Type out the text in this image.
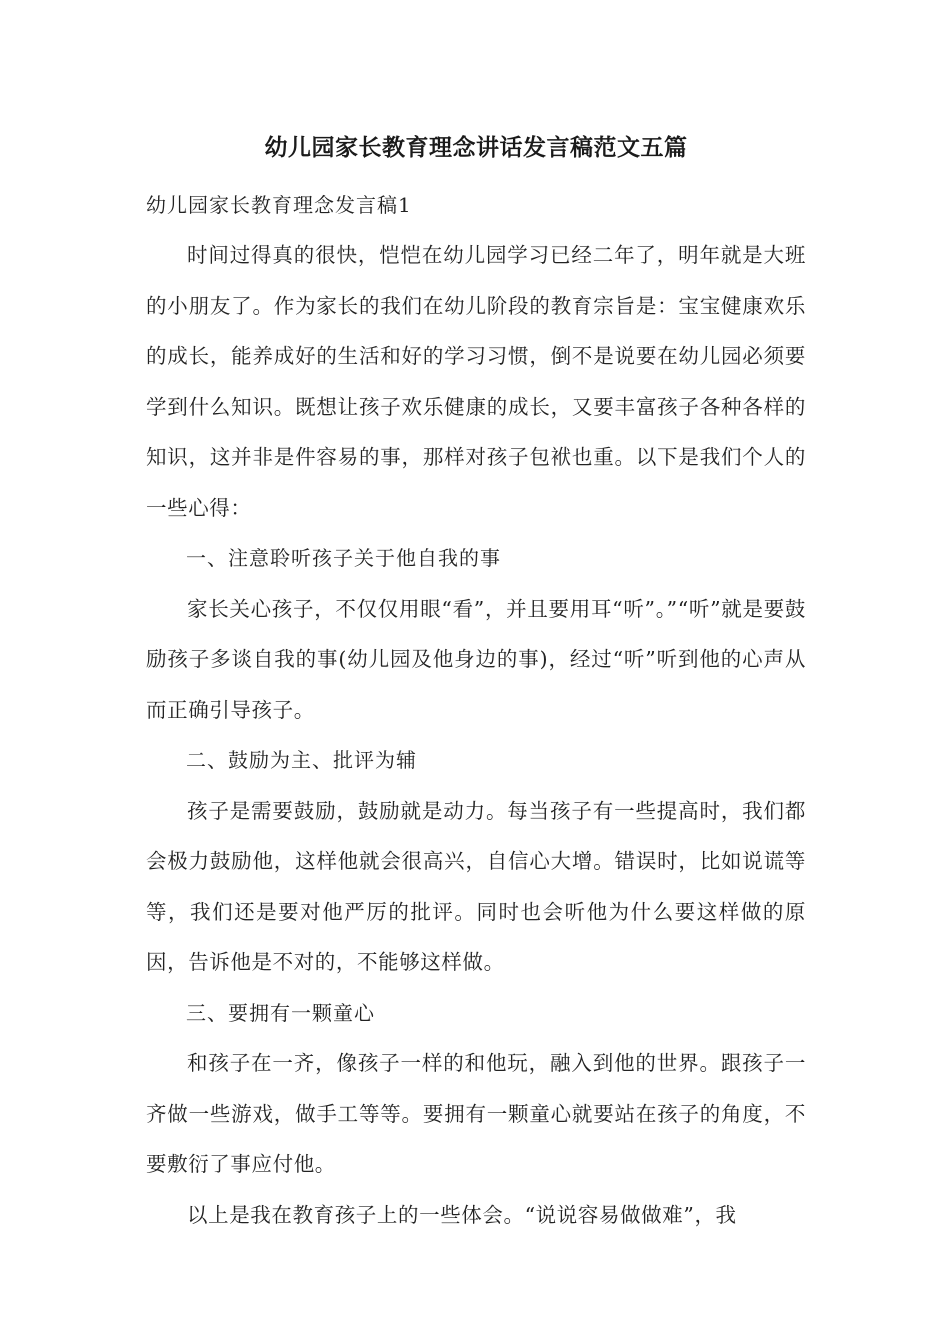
幼儿园家长教育理念讲话发言稿范文五篇

幼儿园家长教育理念发言稿1

时间过得真的很快，恺恺在幼儿园学习已经二年了，明年就是大班的小朋友了。作为家长的我们在幼儿阶段的教育宗旨是：宝宝健康欢乐的成长，能养成好的生活和好的学习习惯，倒不是说要在幼儿园必须要学到什么知识。既想让孩子欢乐健康的成长，又要丰富孩子各种各样的知识，这并非是件容易的事，那样对孩子包袱也重。以下是我们个人的一些心得：

一、注意聆听孩子关于他自我的事

家长关心孩子，不仅仅用眼“看”，并且要用耳“听”。”“听”就是要鼓励孩子多谈自我的事(幼儿园及他身边的事)，经过“听”听到他的心声从而正确引导孩子。

二、鼓励为主、批评为辅

孩子是需要鼓励，鼓励就是动力。每当孩子有一些提高时，我们都会极力鼓励他，这样他就会很高兴，自信心大增。错误时，比如说谎等等，我们还是要对他严厉的批评。同时也会听他为什么要这样做的原因，告诉他是不对的，不能够这样做。

三、要拥有一颗童心

和孩子在一齐，像孩子一样的和他玩，融入到他的世界。跟孩子一齐做一些游戏，做手工等等。要拥有一颗童心就要站在孩子的角度，不要敷衍了事应付他。

以上是我在教育孩子上的一些体会。“说说容易做做难”，我
